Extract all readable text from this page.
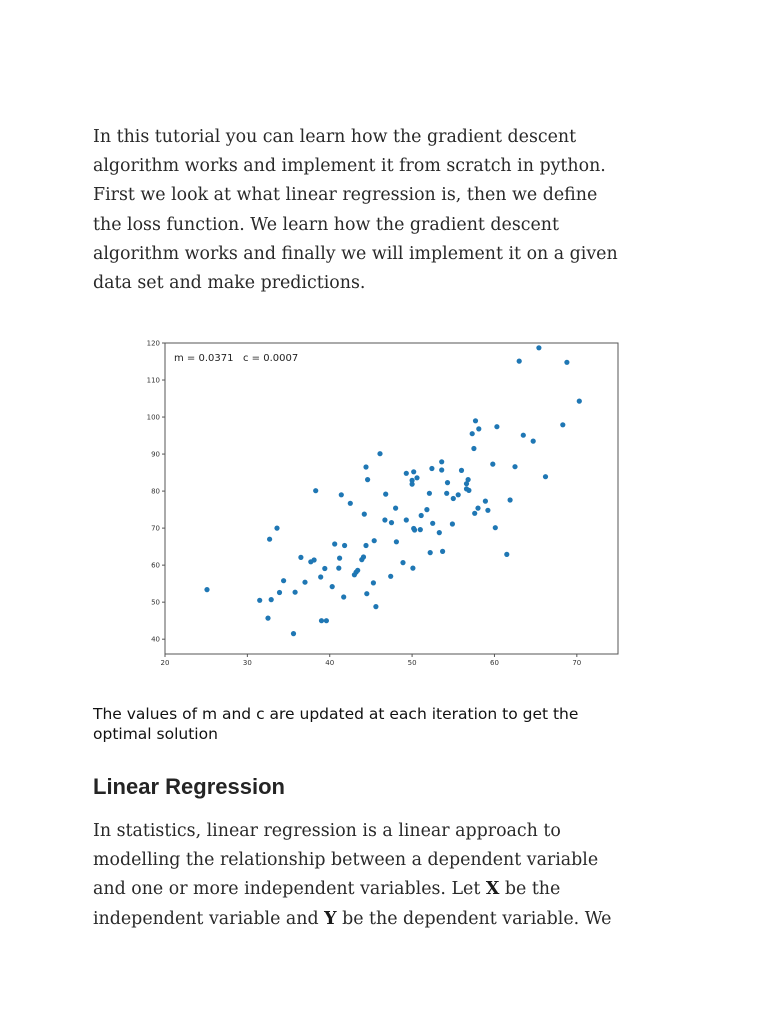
In this tutorial you can learn how the gradient descent
algorithm works and implement it from scratch in python.
First we look at what linear regression is, then we define
the loss function. We learn how the gradient descent
algorithm works and finally we will implement it on a given
data set and make predictions.

40
50
60
70
80
90
100
110
120
20	30	40	50	60	70
m = 0.0371   c = 0.0007

The values of m and c are updated at each iteration to get the
optimal solution

Linear Regression

In statistics, linear regression is a linear approach to
modelling the relationship between a dependent variable
and one or more independent variables. Let X be the
independent variable and Y be the dependent variable. We
